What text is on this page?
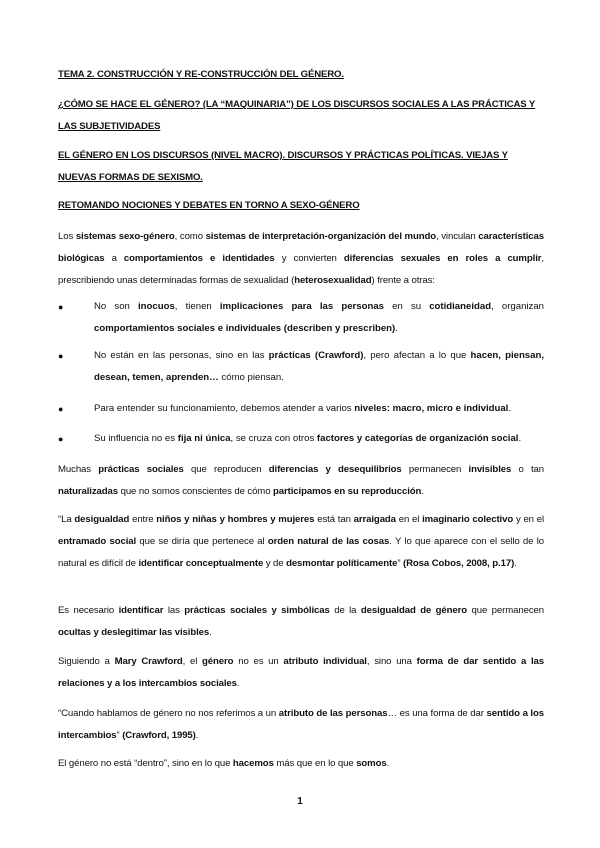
TEMA 2. CONSTRUCCIÓN Y RE-CONSTRUCCIÓN DEL GÉNERO.
¿CÓMO SE HACE EL GÉNERO? (LA “MAQUINARIA”) DE LOS DISCURSOS SOCIALES A LAS PRÁCTICAS Y LAS SUBJETIVIDADES
EL GÉNERO EN LOS DISCURSOS (NIVEL MACRO). DISCURSOS Y PRÁCTICAS POLÍTICAS. VIEJAS Y NUEVAS FORMAS DE SEXISMO.
RETOMANDO NOCIONES Y DEBATES EN TORNO A SEXO-GÉNERO
Los sistemas sexo-género, como sistemas de interpretación-organización del mundo, vinculan características biológicas a comportamientos e identidades y convierten diferencias sexuales en roles a cumplir, prescribiendo unas determinadas formas de sexualidad (heterosexualidad) frente a otras:
●	No son inocuos, tienen implicaciones para las personas en su cotidianeidad, organizan comportamientos sociales e individuales (describen y prescriben).
●	No están en las personas, sino en las prácticas (Crawford), pero afectan a lo que hacen, piensan, desean, temen, aprenden… cómo piensan.
●	Para entender su funcionamiento, debemos atender a varios niveles: macro, micro e individual.
●	Su influencia no es fija ni única, se cruza con otros factores y categorías de organización social.
Muchas prácticas sociales que reproducen diferencias y desequilibrios permanecen invisibles o tan naturalizadas que no somos conscientes de cómo participamos en su reproducción.
“La desigualdad entre niños y niñas y hombres y mujeres está tan arraigada en el imaginario colectivo y en el entramado social que se diría que pertenece al orden natural de las cosas. Y lo que aparece con el sello de lo natural es difícil de identificar conceptualmente y de desmontar políticamente” (Rosa Cobos, 2008, p.17).
Es necesario identificar las prácticas sociales y simbólicas de la desigualdad de género que permanecen ocultas y deslegitimar las visibles.
Siguiendo a Mary Crawford, el género no es un atributo individual, sino una forma de dar sentido a las relaciones y a los intercambios sociales.
“Cuando hablamos de género no nos referimos a un atributo de las personas… es una forma de dar sentido a los intercambios” (Crawford, 1995).
El género no está “dentro”, sino en lo que hacemos más que en lo que somos.
1
